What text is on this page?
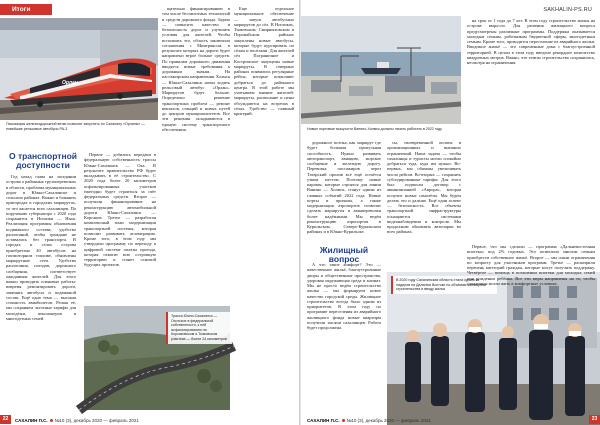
Итоги
Орлан
Пассажиры железнодорожной ветки позволят запустить по Сахалину «Орланы» — новейшие рельсовые автобусы РА-3
О транспортной доступности

Год назад глава на заседании острова о районных грузоперевозках в области, проблема муниципальных дорог в Южно-Сахалинске и сельских районах. Важно и ближних пригородах в городских маршрутах, то что касается всех сахалинцев. По поручению губернатора с 2020 года сохранится в Ноглики — Ныш. Реализация программы обновления подвижного состава, удобство расписаний, чтобы граждане не оставались без транспорта. В городах и селах острова приобретено 40 автобусов на газомоторном топливе, обновлены маршрутные сети. Удобство расписания, поездов, дорожного сообщения, соответствует ожиданиям жителей. Для этого важно проводить плановые работы: вовремя ремонтировать дороги, заменять автобусы и подвижной состав. Ещё одна тема — высокая стоимость авиабилетов. Решая её, мы сохраняем льготные тарифы для молодёжи, пенсионеров и многодетных семей.

Первое — добились передачи в федеральную собственность трассы Южно-Сахалинск — Оха. В результате правительство РФ будет вкладывать в её строительство. С 2020 года более 20 километров асфальтированных участков ежегодно будет строиться за счёт федеральных средств. Второе — получили финансирование на реконструкцию автомобильной дороги Южно-Сахалинск — Корсаков. Третье — разработан комплексный план модернизации транспортной системы, которая позволит развивать агломерацию. Кроме того, в этом году мы утвердили программу по переходу к цифровой системе оплаты проезда, которая охватит всю островную территорию и станет основой будущих проектов.

щательно финансированию в том числе беспилотных технологий и средств дорожного фонда. Задача — повысить качество и безопасность дорог и улучшить условия для жителей. Чтобы исполнить это, область заключила соглашения с Минтрансом, в результате которых на дороги будет направлено втрое больше средств. По правилам дорожного движения вводятся новые требования к дорожным знакам. На пассажирском направлении Холмск — Южно-Сахалинск начал ходить рельсовый автобус «Орлан». Маршрутов будет больше. Определено решение транспортных проблем — ремонт вокзалов, станций и новых путей до центров муниципалитетов. Все эти решения складываются в единую систему транспортного обеспечения.

Еще отдельное муниципальное обеспечение — запуск автобусных маршрутов до сёл. В Ногликах, Тымовском, Смирныховском и Поронайском районах закуплены новые автобусы, которые будут курсировать по сёлам и посёлкам. Для жителей сёл Пограничное и Костромское запущены новые маршруты. В северных районах появились регулярные рейсы, которые позволяют добраться до районного центра. В этой работе мы учитываем мнение жителей: маршруты, расписание и цены обсуждаются на встречах в сёлах. Удобство — главный критерий.

Трасса Южно-Сахалинск — Охотское в федеральной собственности, к ней асфальтированию на Корсаковском и Тымовском участках — более 24 километров
22	САХАЛИН П.С. №10 (3), декабрь 2020 — февраль 2021
SAKHALIN-PS.RU
Новые портовые мощности Ванино-Холмск должны начать работать в 2022 году

на срок от 1 года до 7 лет. В этом году строительство жилья на острове выросло. Для решения жилищного вопроса предусмотрены различные программы. Поддержка оказывается молодым семьям, работникам бюджетной сферы, многодетным семьям. Кроме того, проводится переселение из аварийного жилья. Вводимое жильё — это современные дома с благоустроенной территорией. В целом в этом году введено рекордное количество квадратных метров. Важно, что темпы строительства сохранились, несмотря на ограничения.

дорожного потока, как маршрут где будет большая пропускная способность. Нужно развивать автотранспорт, авиацию, морское сообщение и железную дорогу. Перевозка пассажиров через Татарский пролив всё ещё остаётся узким местом. Поэтому новые паромы, которые строятся для линии Ванино — Холмск, станут одним из главных событий 2022 года. Новые порты и причалы, а также модернизация аэропортов позволят сделать маршруты и авиаперевозки более надёжными. Мы ведём реконструкцию аэропортов в Курильском, Северо-Курильском районах и в Южно-Курильске.

сы, своевременной оплаты и организационных и внешних ограничений. Наша задача — чтобы сахалинцы и туристы могли спокойно добраться туда, куда им нужно. Во-первых, мы обязаны увеличивать число рейсов. Во-вторых — сохранить субсидированные тарифы. Для этого был подписан договор с авиакомпанией «Аврора», которая получит новые самолёты. Мы будем делать это и дальше. Ещё один аспект — безопасность. Все объекты транспортной инфраструктуры оснащаются системами видеонаблюдения и контроля. Мы продолжим обновлять автопарки во всех районах.

Жилищный вопрос

А что такое комфорт? Это — качественное жильё, благоустроенные дворы и общественные пространства, здоровая окружающая среда и климат. Мы не просто ведём строительство жилья — мы формируем новое качество городской среды. Жилищное строительство всегда было одним из приоритетов. В этом году по программе переселения из аварийного жилищного фонда новые квартиры получили тысячи сахалинцев. Работа будет продолжена.

В 2020 году Сахалинская область стала одним из лидеров на Дальнем Востоке по объёмам жилищного строительства и вводу жилья

Первое, что мы сделали — программа «Дальневосточная ипотека» под 2% годовых. Это позволило многим семьям приобрести собственное жильё. Второе — мы сняли ограничения по возрасту для участников программ. Третье — расширили перечень категорий граждан, которые могут получить поддержку. Четвёртое — помощь в погашении ипотеки для молодых семей при рождении ребёнка. Все эти меры направлены на то, чтобы сахалинцы могли жить в комфортных условиях.

САХАЛИН П.С. №10 (3), декабрь 2020 — февраль 2021	23
